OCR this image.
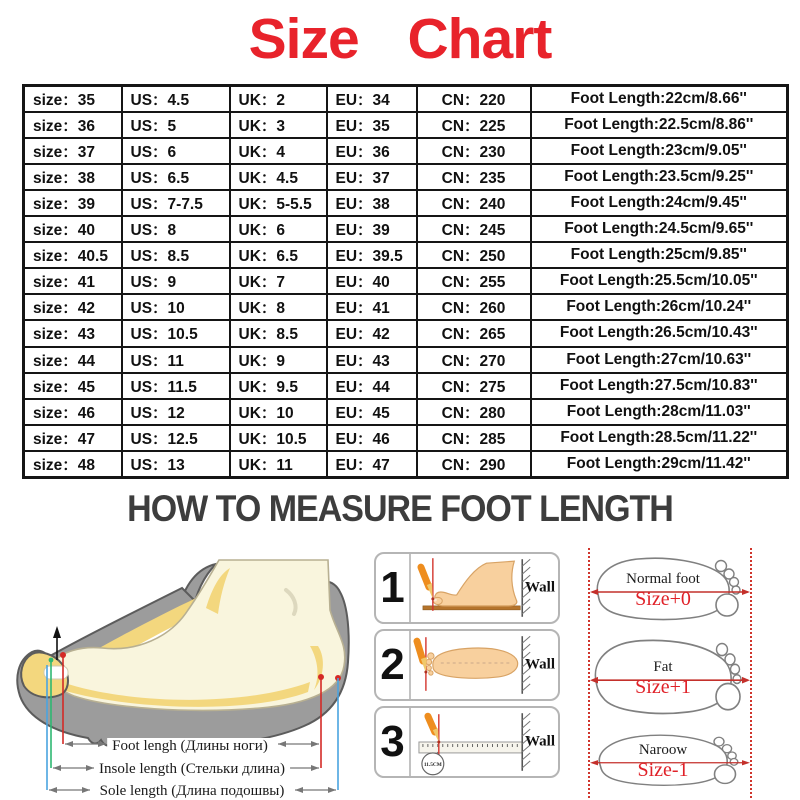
Size Chart
size：35	US：4.5	UK：2	EU：34	CN：220	Foot Length:22cm/8.66''
size：36	US：5	UK：3	EU：35	CN：225	Foot Length:22.5cm/8.86''
size：37	US：6	UK：4	EU：36	CN：230	Foot Length:23cm/9.05''
size：38	US：6.5	UK：4.5	EU：37	CN：235	Foot Length:23.5cm/9.25''
size：39	US：7-7.5	UK：5-5.5	EU：38	CN：240	Foot Length:24cm/9.45''
size：40	US：8	UK：6	EU：39	CN：245	Foot Length:24.5cm/9.65''
size：40.5	US：8.5	UK：6.5	EU：39.5	CN：250	Foot Length:25cm/9.85''
size：41	US：9	UK：7	EU：40	CN：255	Foot Length:25.5cm/10.05''
size：42	US：10	UK：8	EU：41	CN：260	Foot Length:26cm/10.24''
size：43	US：10.5	UK：8.5	EU：42	CN：265	Foot Length:26.5cm/10.43''
size：44	US：11	UK：9	EU：43	CN：270	Foot Length:27cm/10.63''
size：45	US：11.5	UK：9.5	EU：44	CN：275	Foot Length:27.5cm/10.83''
size：46	US：12	UK：10	EU：45	CN：280	Foot Length:28cm/11.03''
size：47	US：12.5	UK：10.5	EU：46	CN：285	Foot Length:28.5cm/11.22''
size：48	US：13	UK：11	EU：47	CN：290	Foot Length:29cm/11.42''
HOW TO MEASURE FOOT LENGTH
Foot lengh (Длины ноги)
Insole length (Стельки длина)
Sole length (Длина подошвы)
1	Wall
2	Wall
3	11.5CM
Wall
Normal foot
Size+0
Fat
Size+1
Naroow
Size-1
